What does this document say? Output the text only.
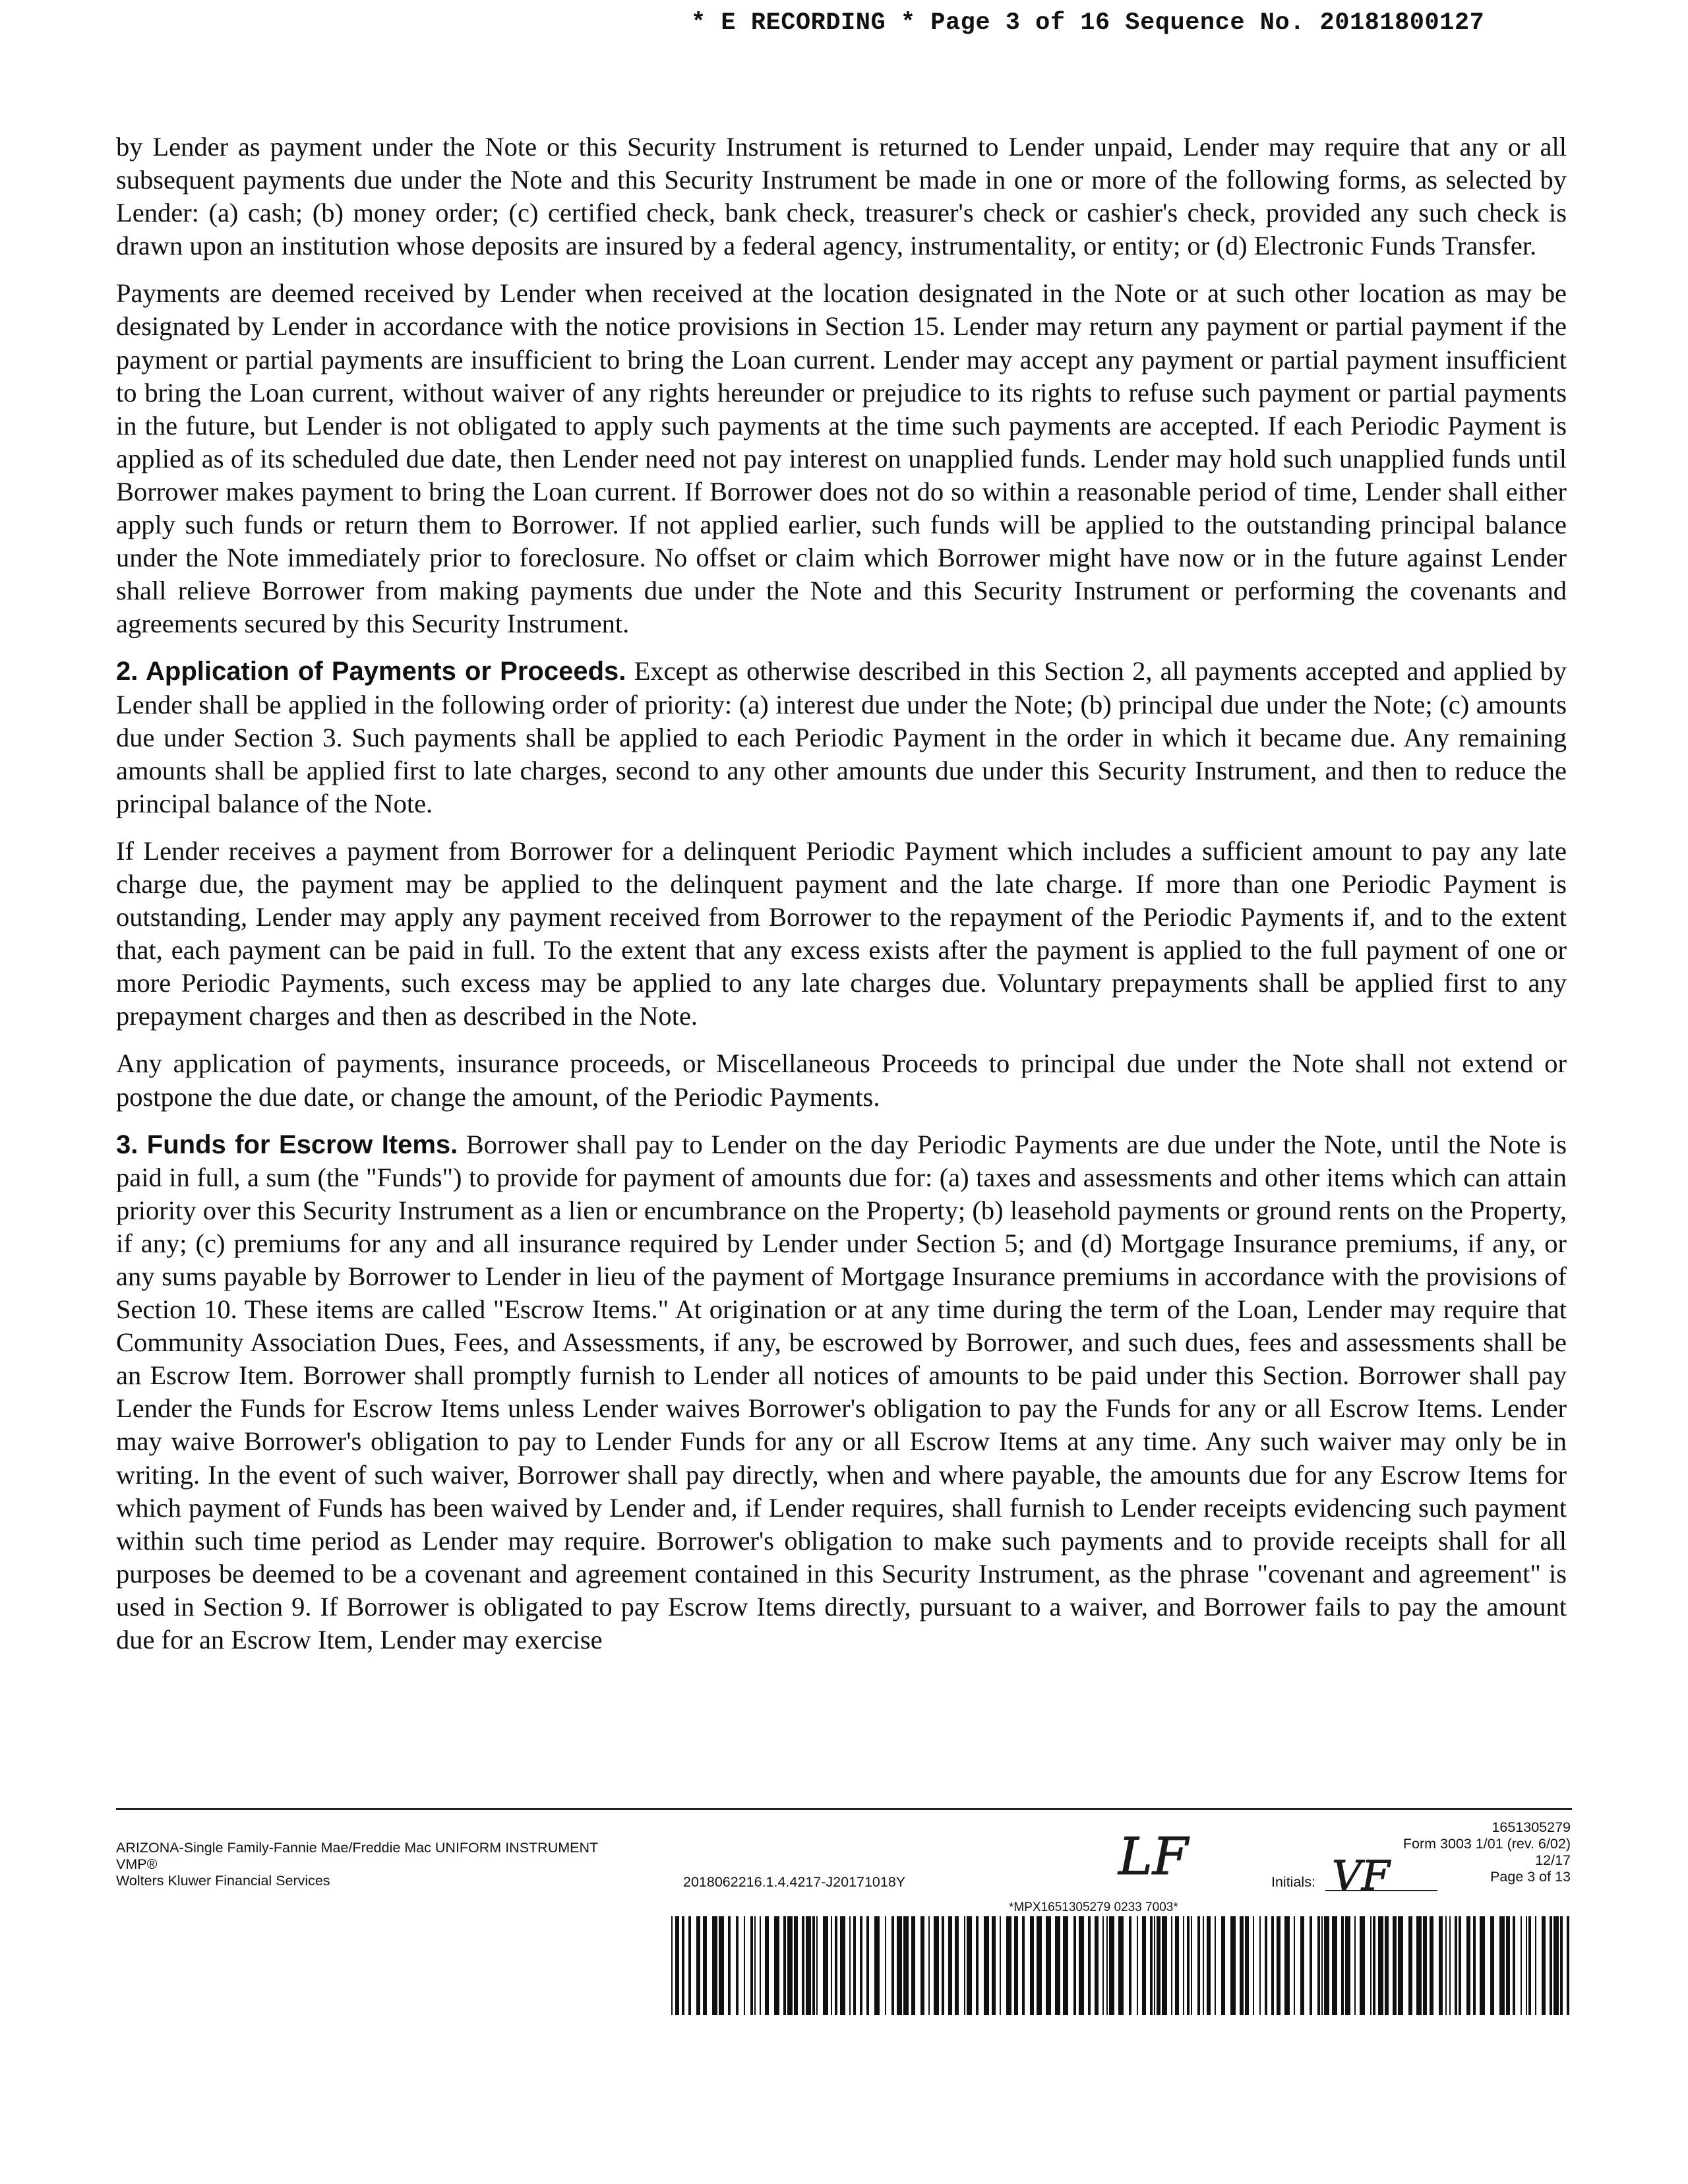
* E RECORDING * Page 3 of 16 Sequence No. 20181800127

by Lender as payment under the Note or this Security Instrument is returned to Lender unpaid, Lender may require that any or all subsequent payments due under the Note and this Security Instrument be made in one or more of the following forms, as selected by Lender: (a) cash; (b) money order; (c) certified check, bank check, treasurer's check or cashier's check, provided any such check is drawn upon an institution whose deposits are insured by a federal agency, instrumentality, or entity; or (d) Electronic Funds Transfer.

Payments are deemed received by Lender when received at the location designated in the Note or at such other location as may be designated by Lender in accordance with the notice provisions in Section 15. Lender may return any payment or partial payment if the payment or partial payments are insufficient to bring the Loan current. Lender may accept any payment or partial payment insufficient to bring the Loan current, without waiver of any rights hereunder or prejudice to its rights to refuse such payment or partial payments in the future, but Lender is not obligated to apply such payments at the time such payments are accepted. If each Periodic Payment is applied as of its scheduled due date, then Lender need not pay interest on unapplied funds. Lender may hold such unapplied funds until Borrower makes payment to bring the Loan current. If Borrower does not do so within a reasonable period of time, Lender shall either apply such funds or return them to Borrower. If not applied earlier, such funds will be applied to the outstanding principal balance under the Note immediately prior to foreclosure. No offset or claim which Borrower might have now or in the future against Lender shall relieve Borrower from making payments due under the Note and this Security Instrument or performing the covenants and agreements secured by this Security Instrument.

2. Application of Payments or Proceeds. Except as otherwise described in this Section 2, all payments accepted and applied by Lender shall be applied in the following order of priority: (a) interest due under the Note; (b) principal due under the Note; (c) amounts due under Section 3. Such payments shall be applied to each Periodic Payment in the order in which it became due. Any remaining amounts shall be applied first to late charges, second to any other amounts due under this Security Instrument, and then to reduce the principal balance of the Note.

If Lender receives a payment from Borrower for a delinquent Periodic Payment which includes a sufficient amount to pay any late charge due, the payment may be applied to the delinquent payment and the late charge. If more than one Periodic Payment is outstanding, Lender may apply any payment received from Borrower to the repayment of the Periodic Payments if, and to the extent that, each payment can be paid in full. To the extent that any excess exists after the payment is applied to the full payment of one or more Periodic Payments, such excess may be applied to any late charges due. Voluntary prepayments shall be applied first to any prepayment charges and then as described in the Note.

Any application of payments, insurance proceeds, or Miscellaneous Proceeds to principal due under the Note shall not extend or postpone the due date, or change the amount, of the Periodic Payments.

3. Funds for Escrow Items. Borrower shall pay to Lender on the day Periodic Payments are due under the Note, until the Note is paid in full, a sum (the "Funds") to provide for payment of amounts due for: (a) taxes and assessments and other items which can attain priority over this Security Instrument as a lien or encumbrance on the Property; (b) leasehold payments or ground rents on the Property, if any; (c) premiums for any and all insurance required by Lender under Section 5; and (d) Mortgage Insurance premiums, if any, or any sums payable by Borrower to Lender in lieu of the payment of Mortgage Insurance premiums in accordance with the provisions of Section 10. These items are called "Escrow Items." At origination or at any time during the term of the Loan, Lender may require that Community Association Dues, Fees, and Assessments, if any, be escrowed by Borrower, and such dues, fees and assessments shall be an Escrow Item. Borrower shall promptly furnish to Lender all notices of amounts to be paid under this Section. Borrower shall pay Lender the Funds for Escrow Items unless Lender waives Borrower's obligation to pay the Funds for any or all Escrow Items. Lender may waive Borrower's obligation to pay to Lender Funds for any or all Escrow Items at any time. Any such waiver may only be in writing. In the event of such waiver, Borrower shall pay directly, when and where payable, the amounts due for any Escrow Items for which payment of Funds has been waived by Lender and, if Lender requires, shall furnish to Lender receipts evidencing such payment within such time period as Lender may require. Borrower's obligation to make such payments and to provide receipts shall for all purposes be deemed to be a covenant and agreement contained in this Security Instrument, as the phrase "covenant and agreement" is used in Section 9. If Borrower is obligated to pay Escrow Items directly, pursuant to a waiver, and Borrower fails to pay the amount due for an Escrow Item, Lender may exercise

ARIZONA-Single Family-Fannie Mae/Freddie Mac UNIFORM INSTRUMENT
VMP®
Wolters Kluwer Financial Services	2018062216.1.4.4217-J20171018Y	LF	Initials: VF
1651305279
Form 3003 1/01 (rev. 6/02)
12/17
Page 3 of 13
*MPX1651305279 0233 7003*
